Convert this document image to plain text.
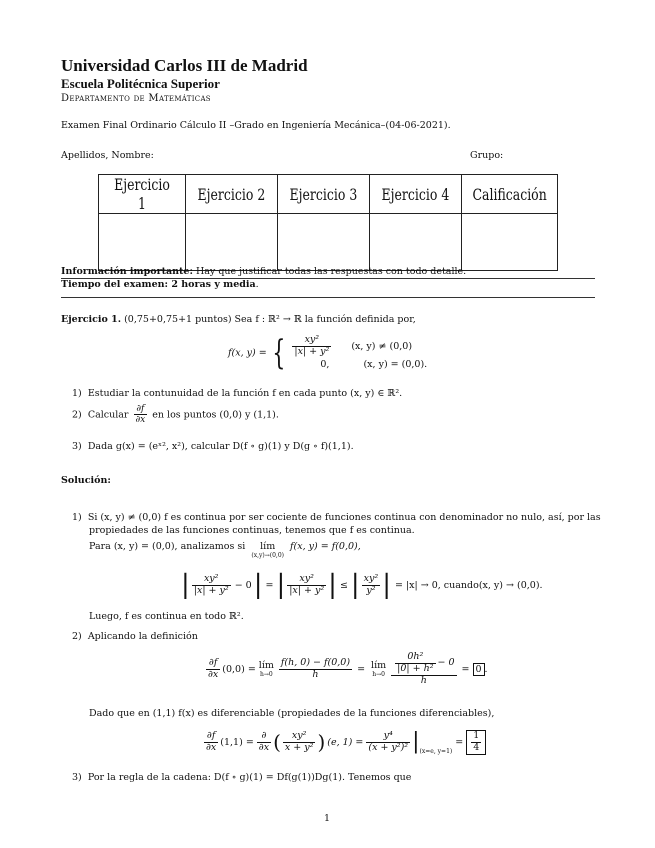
Universidad Carlos III de Madrid
Escuela Politécnica Superior
Departamento de Matemáticas
Examen Final Ordinario Cálculo II –Grado en Ingeniería Mecánica–(04-06-2021).
Apellidos, Nombre:	Grupo:
Ejercicio 1	Ejercicio 2	Ejercicio 3	Ejercicio 4	Calificación

Información importante: Hay que justificar todas las respuestas con todo detalle.
Tiempo del examen: 2 horas y media.
Ejercicio 1. (0,75+0,75+1 puntos) Sea f : ℝ² → ℝ la función definida por,
f(x, y) = { $\frac{\text{xy²}}{\text{|x| + y²}} (x$, y) ≠ (0,0)
0,	(x, y) = (0,0).
1) Estudiar la contunuidad de la función f en cada punto (x, y) ∈ ℝ².
2) Calcular $\frac{\partial f}{\partial x}$ en los puntos (0,0) y (1,1).
3) Dada g(x) = (eˣ², x²), calcular D(f ∘ g)(1) y D(g ∘ f)(1,1).
Solución:
1) Si (x, y) ≠ (0,0) f es continua por ser cociente de funciones continua con denominador no nulo, así, por las
propiedades de las funciones continuas, tenemos que f es continua.
Para (x, y) = (0,0), analizamos si lím
(x,y)→(0,0)
f(x, y) = f(0,0),
| $\frac{\text{xy²}}{\text{|x| + y²}} - 0$ | = | $\frac{\text{xy²}}{\text{|x| + y²}}$ | ≤ | $\frac{\text{xy²}}{\text{y²}}$ | = |x| → 0, cuando(x, y) → (0,0).
Luego, f es continua en todo ℝ².
2) Aplicando la definición
$\frac{\partial f}{\partial x} (0,0)$ = lím
$h\to 0 \frac{f(h, 0) - f(0,0)}{h}$ = lím
$h\to 0 \frac{\frac{\text{0h²}}{\text{|0| + h²}} - 0}{h} = 0$ .
Dado que en (1,1) f(x) es diferenciable (propiedades de la funciones diferenciables),
$\frac{\partial f}{\partial x} (1,1) = \frac{\partial}{\partial x}$ ( $\frac{\text{xy²}}{\text{x + y²}}$ ) (e, $1) = \frac{\text{y⁴}}{\text{(x + y²)²}}$ | (x=e, y=1)
= $\frac{1}{4}$
3) Por la regla de la cadena: D(f ∘ g)(1) = Df(g(1))Dg(1). Tenemos que
1
